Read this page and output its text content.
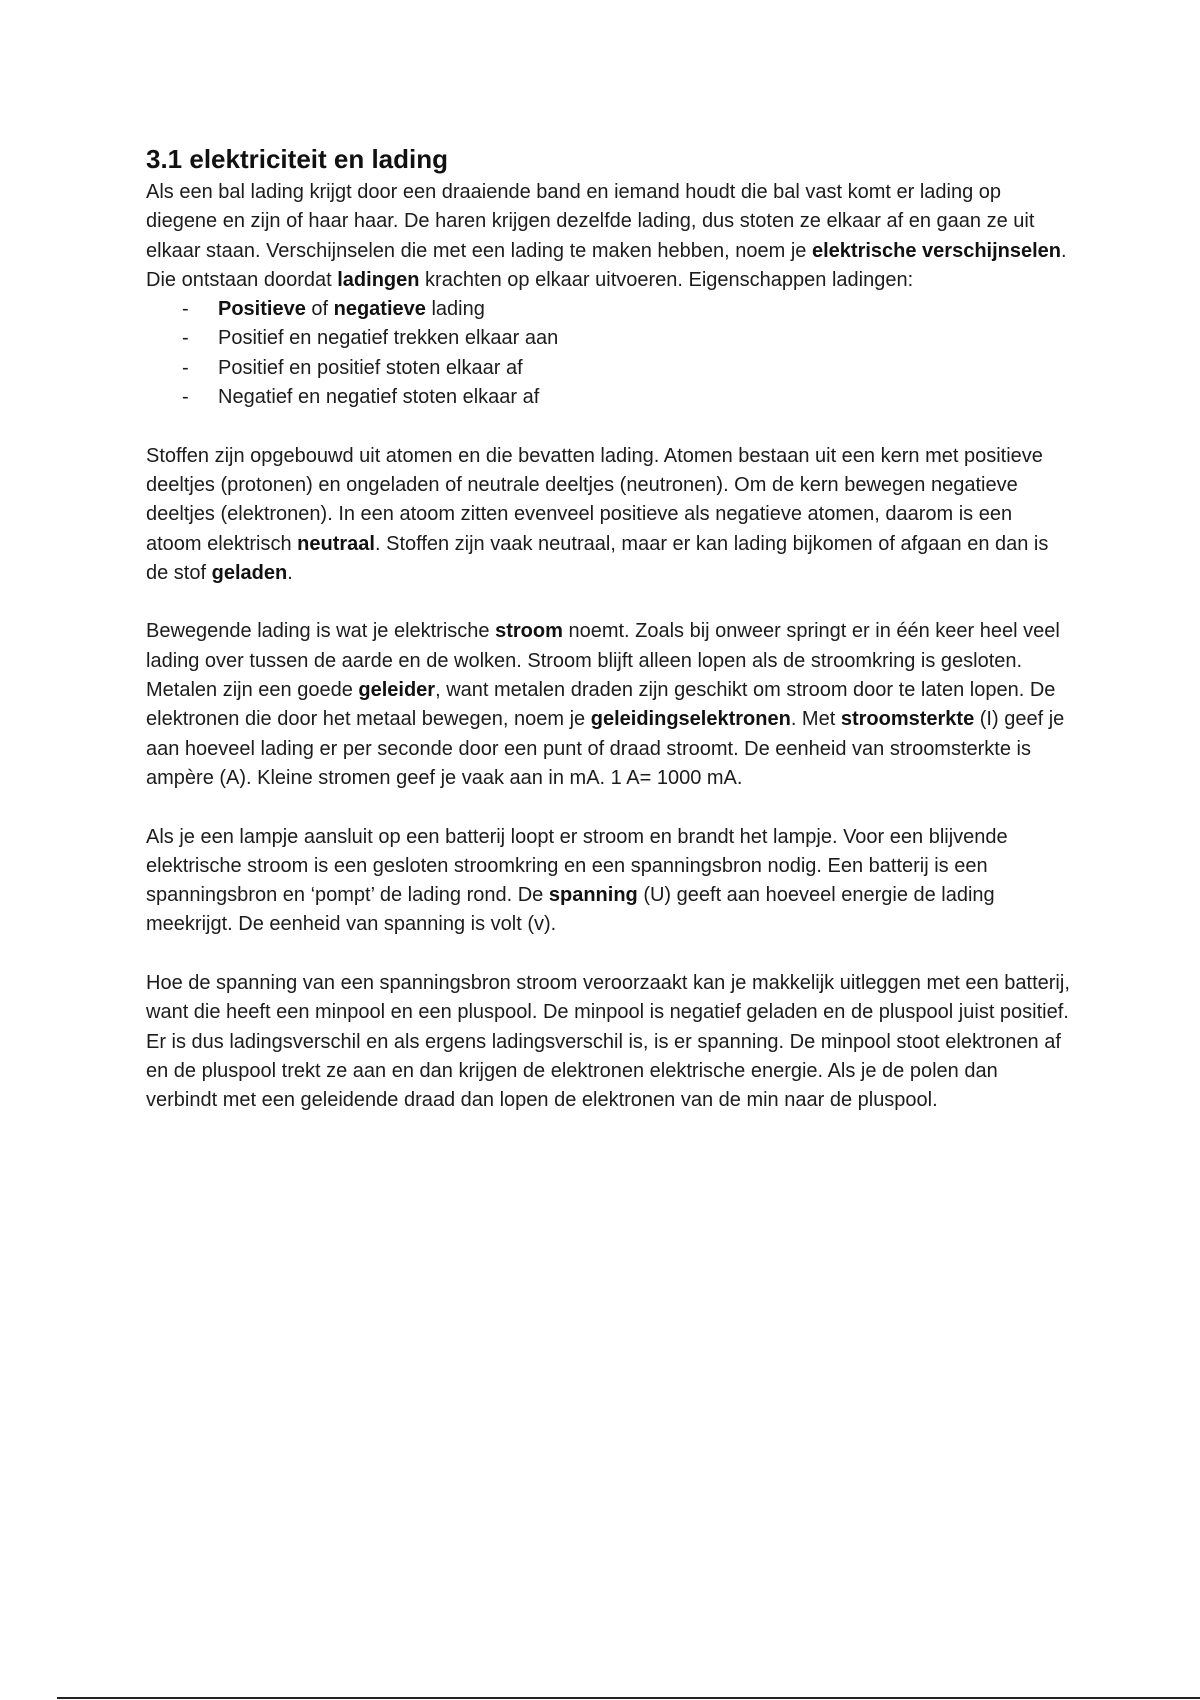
3.1 elektriciteit en lading

Als een bal lading krijgt door een draaiende band en iemand houdt die bal vast komt er lading op diegene en zijn of haar haar. De haren krijgen dezelfde lading, dus stoten ze elkaar af en gaan ze uit elkaar staan. Verschijnselen die met een lading te maken hebben, noem je elektrische verschijnselen. Die ontstaan doordat ladingen krachten op elkaar uitvoeren. Eigenschappen ladingen:

- Positieve of negatieve lading
- Positief en negatief trekken elkaar aan
- Positief en positief stoten elkaar af
- Negatief en negatief stoten elkaar af

Stoffen zijn opgebouwd uit atomen en die bevatten lading. Atomen bestaan uit een kern met positieve deeltjes (protonen) en ongeladen of neutrale deeltjes (neutronen). Om de kern bewegen negatieve deeltjes (elektronen). In een atoom zitten evenveel positieve als negatieve atomen, daarom is een atoom elektrisch neutraal. Stoffen zijn vaak neutraal, maar er kan lading bijkomen of afgaan en dan is de stof geladen.

Bewegende lading is wat je elektrische stroom noemt. Zoals bij onweer springt er in één keer heel veel lading over tussen de aarde en de wolken. Stroom blijft alleen lopen als de stroomkring is gesloten. Metalen zijn een goede geleider, want metalen draden zijn geschikt om stroom door te laten lopen. De elektronen die door het metaal bewegen, noem je geleidingselektronen. Met stroomsterkte (I) geef je aan hoeveel lading er per seconde door een punt of draad stroomt. De eenheid van stroomsterkte is ampère (A). Kleine stromen geef je vaak aan in mA. 1 A= 1000 mA.

Als je een lampje aansluit op een batterij loopt er stroom en brandt het lampje. Voor een blijvende elektrische stroom is een gesloten stroomkring en een spanningsbron nodig. Een batterij is een spanningsbron en ‘pompt’ de lading rond. De spanning (U) geeft aan hoeveel energie de lading meekrijgt. De eenheid van spanning is volt (v).

Hoe de spanning van een spanningsbron stroom veroorzaakt kan je makkelijk uitleggen met een batterij, want die heeft een minpool en een pluspool. De minpool is negatief geladen en de pluspool juist positief. Er is dus ladingsverschil en als ergens ladingsverschil is, is er spanning. De minpool stoot elektronen af en de pluspool trekt ze aan en dan krijgen de elektronen elektrische energie. Als je de polen dan verbindt met een geleidende draad dan lopen de elektronen van de min naar de pluspool.
